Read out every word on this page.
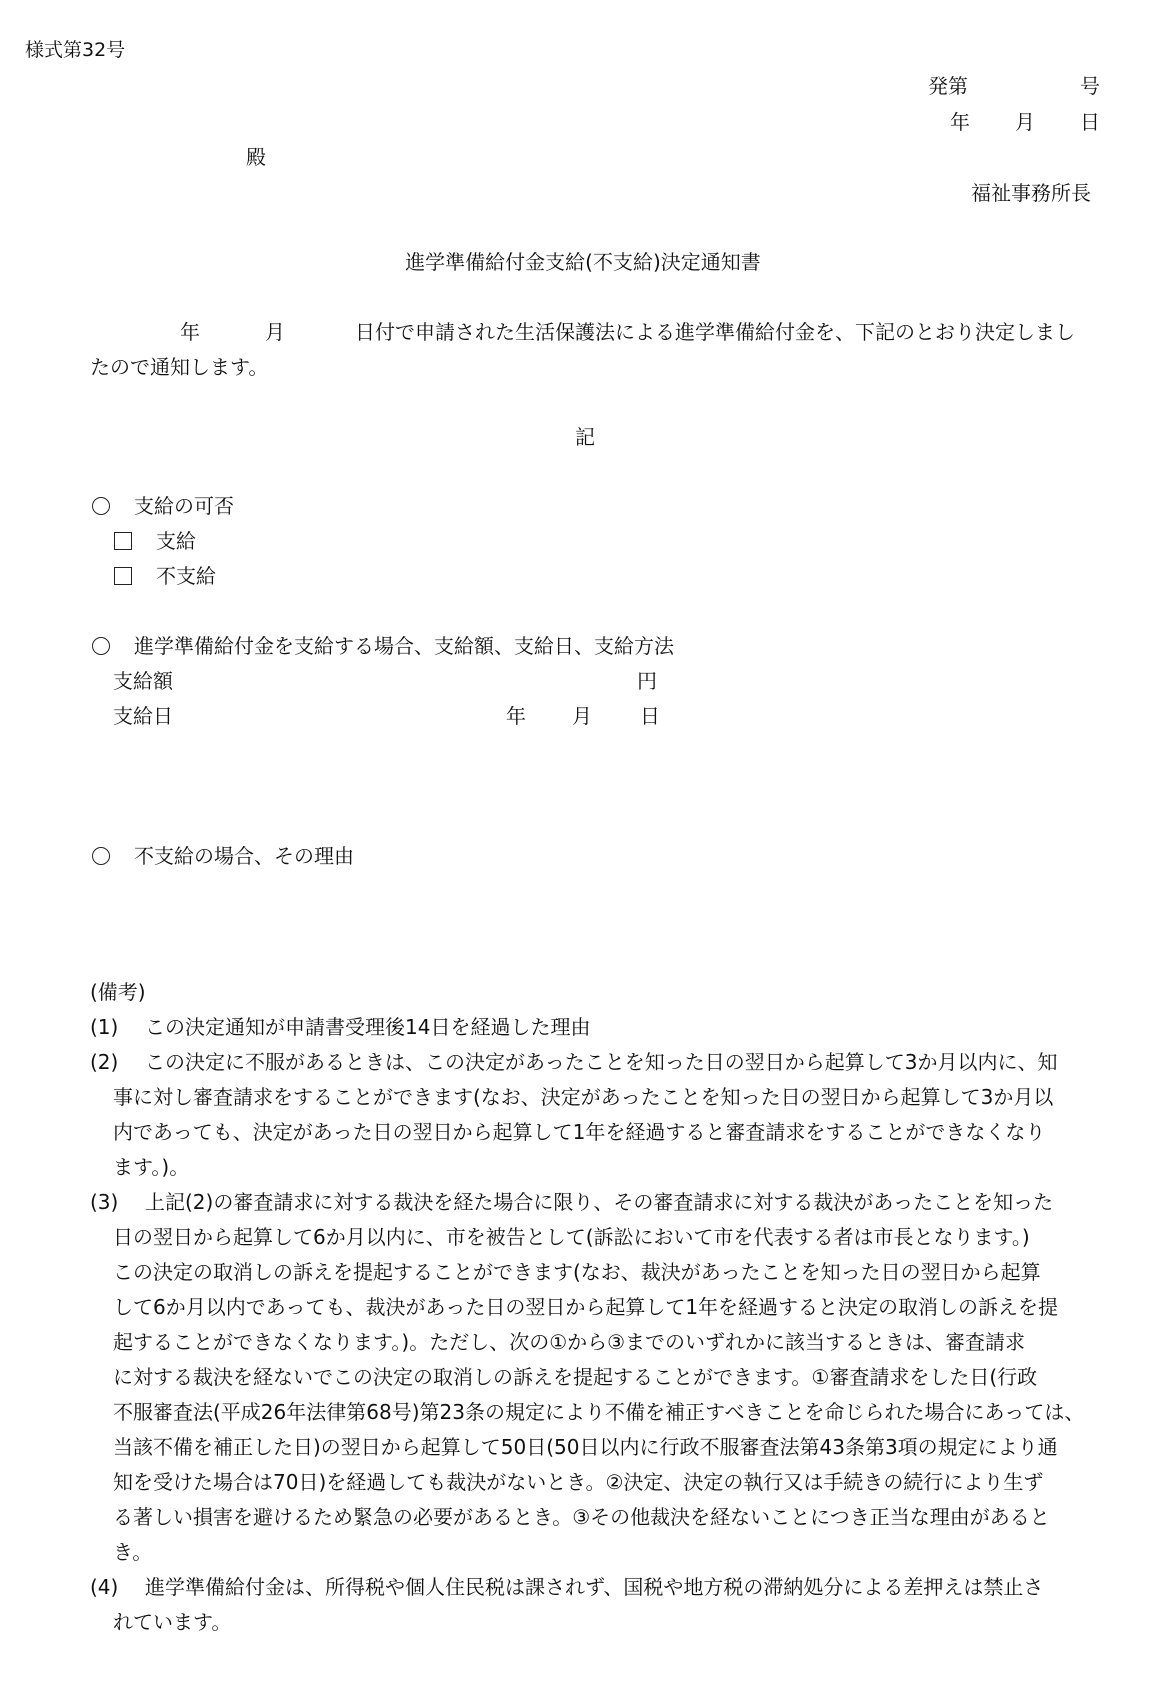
様式第32号
発第	号
年 月 日
殿
福祉事務所長
進学準備給付金支給(不支給)決定通知書
年	月	日付で申請された生活保護法による進学準備給付金を、下記のとおり決定しまし
たので通知します。
記
支給の可否
支給
不支給
進学準備給付金を支給する場合、支給額、支給日、支給方法
支給額	円
支給日	年 月 日
不支給の場合、その理由
(備考)
(1) この決定通知が申請書受理後14日を経過した理由
(2) この決定に不服があるときは、この決定があったことを知った日の翌日から起算して3か月以内に、知
事に対し審査請求をすることができます(なお、決定があったことを知った日の翌日から起算して3か月以
内であっても、決定があった日の翌日から起算して1年を経過すると審査請求をすることができなくなり
ます。)。
(3) 上記(2)の審査請求に対する裁決を経た場合に限り、その審査請求に対する裁決があったことを知った
日の翌日から起算して6か月以内に、市を被告として(訴訟において市を代表する者は市長となります。)
この決定の取消しの訴えを提起することができます(なお、裁決があったことを知った日の翌日から起算
して6か月以内であっても、裁決があった日の翌日から起算して1年を経過すると決定の取消しの訴えを提
起することができなくなります。)。ただし、次の①から③までのいずれかに該当するときは、審査請求
に対する裁決を経ないでこの決定の取消しの訴えを提起することができます。①審査請求をした日(行政
不服審査法(平成26年法律第68号)第23条の規定により不備を補正すべきことを命じられた場合にあっては、
当該不備を補正した日)の翌日から起算して50日(50日以内に行政不服審査法第43条第3項の規定により通
知を受けた場合は70日)を経過しても裁決がないとき。②決定、決定の執行又は手続きの続行により生ず
る著しい損害を避けるため緊急の必要があるとき。③その他裁決を経ないことにつき正当な理由があると
き。
(4) 進学準備給付金は、所得税や個人住民税は課されず、国税や地方税の滞納処分による差押えは禁止さ
れています。
